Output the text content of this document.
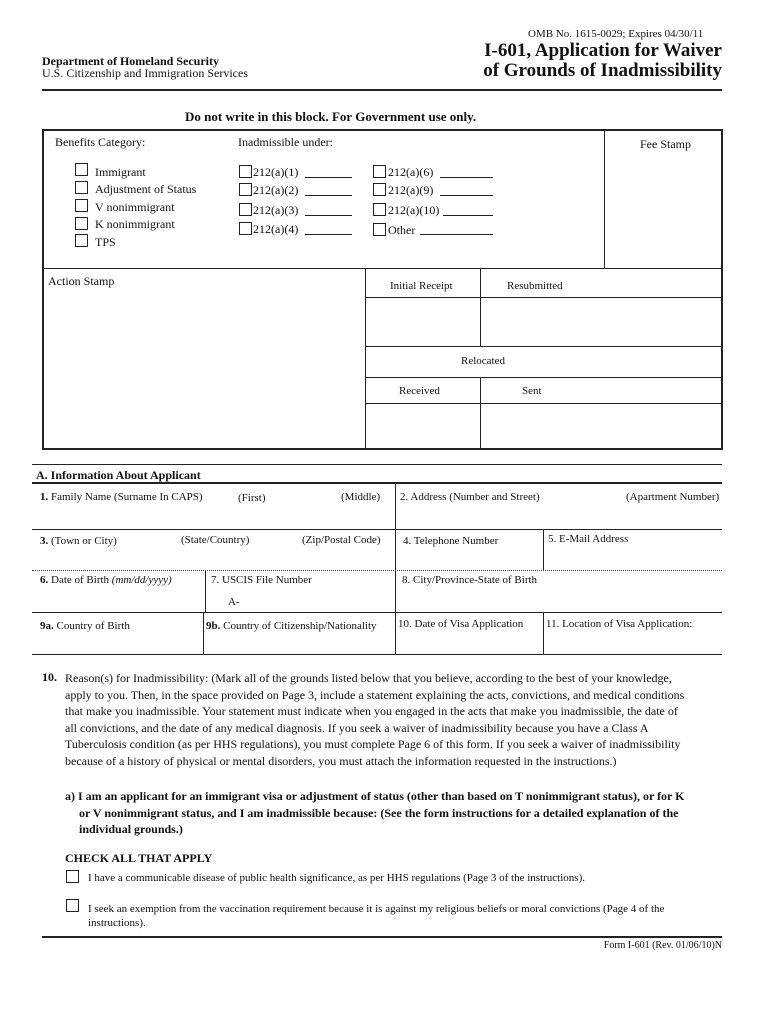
OMB No. 1615-0029; Expires 04/30/11
Department of Homeland Security
U.S. Citizenship and Immigration Services
I-601, Application for Waiver
of Grounds of Inadmissibility
Do not write in this block. For Government use only.
Benefits Category:	Inadmissible under:	Fee Stamp
Immigrant
Adjustment of Status
V nonimmigrant
K nonimmigrant
TPS
212(a)(1)
212(a)(2)
212(a)(3)
212(a)(4)
212(a)(6)
212(a)(9)
212(a)(10)
Other
Action Stamp	Initial Receipt	Resubmitted
Relocated
Received	Sent
A. Information About Applicant
1. Family Name (Surname In CAPS)	(First)	(Middle) 2. Address (Number and Street)	(Apartment Number)
3. (Town or City)	(State/Country)	(Zip/Postal Code) 4. Telephone Number	5. E-Mail Address
6. Date of Birth (mm/dd/yyyy)	7. USCIS File Number
A-
8. City/Province-State of Birth
9a. Country of Birth	9b. Country of Citizenship/Nationality 10. Date of Visa Application 11. Location of Visa Application:
10. Reason(s) for Inadmissibility: (Mark all of the grounds listed below that you believe, according to the best of your knowledge,
apply to you. Then, in the space provided on Page 3, include a statement explaining the acts, convictions, and medical conditions
that make you inadmissible. Your statement must indicate when you engaged in the acts that make you inadmissible, the date of
all convictions, and the date of any medical diagnosis. If you seek a waiver of inadmissibility because you have a Class A
Tuberculosis condition (as per HHS regulations), you must complete Page 6 of this form. If you seek a waiver of inadmissibility
because of a history of physical or mental disorders, you must attach the information requested in the instructions.)
a) I am an applicant for an immigrant visa or adjustment of status (other than based on T nonimmigrant status), or for K
or V nonimmigrant status, and I am inadmissible because: (See the form instructions for a detailed explanation of the
individual grounds.)
CHECK ALL THAT APPLY
I have a communicable disease of public health significance, as per HHS regulations (Page 3 of the instructions).
I seek an exemption from the vaccination requirement because it is against my religious beliefs or moral convictions (Page 4 of the
instructions).
Form I-601 (Rev. 01/06/10)N
